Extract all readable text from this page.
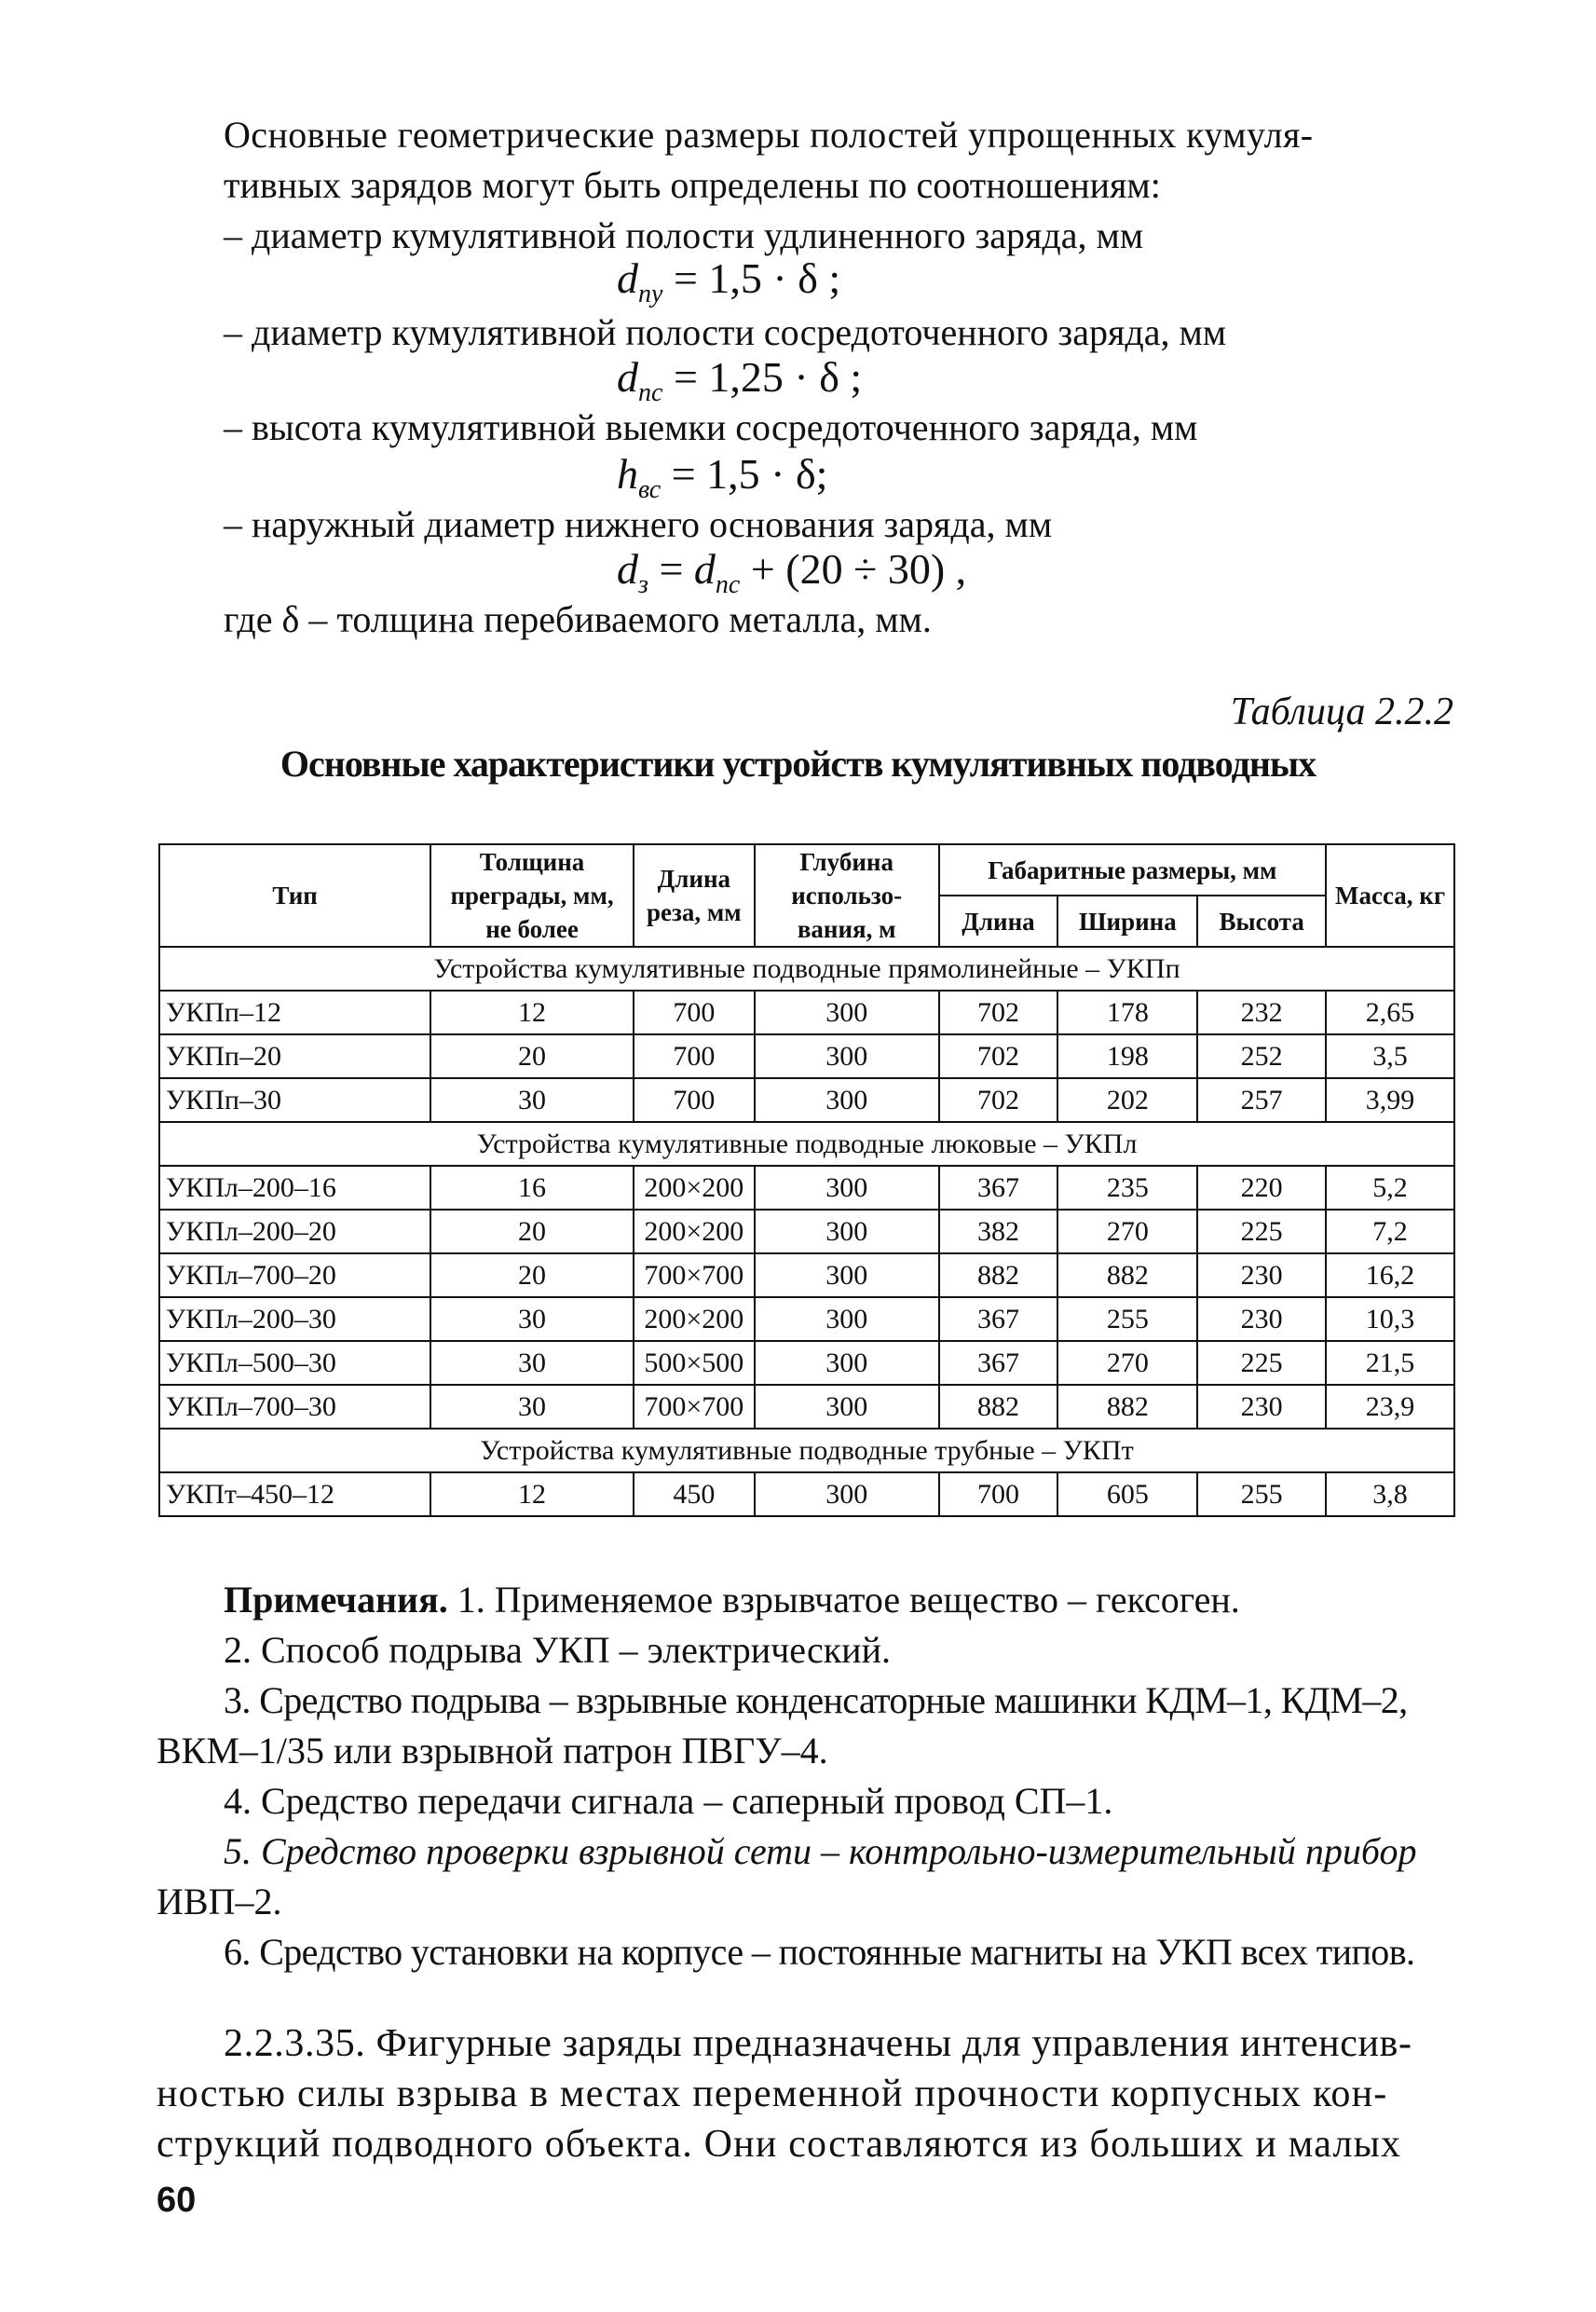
Основные геометрические размеры полостей упрощенных кумуля-
тивных зарядов могут быть определены по соотношениям:
– диаметр кумулятивной полости удлиненного заряда, мм
$d_{пу} = 1,5 \cdot \delta$ ;
– диаметр кумулятивной полости сосредоточенного заряда, мм
$d_{пс} = 1,25 \cdot \delta$ ;
– высота кумулятивной выемки сосредоточенного заряда, мм
$h_{вс} = 1,5 \cdot \delta$;
– наружный диаметр нижнего основания заряда, мм
$d_з = d_{пс} + (20 \div 30)$ ,
где δ – толщина перебиваемого металла, мм.
Таблица 2.2.2
Основные характеристики устройств кумулятивных подводных
Тип	Толщина преграды, мм, не более	Длина реза, мм	Глубина использо-вания, м	Габаритные размеры, мм			Масса, кг
				Длина	Ширина	Высота	
Устройства кумулятивные подводные прямолинейные – УКПп							
УКПп–12	12	700	300	702	178	232	2,65
УКПп–20	20	700	300	702	198	252	3,5
УКПп–30	30	700	300	702	202	257	3,99
Устройства кумулятивные подводные люковые – УКПл							
УКПл–200–16	16	200×200	300	367	235	220	5,2
УКПл–200–20	20	200×200	300	382	270	225	7,2
УКПл–700–20	20	700×700	300	882	882	230	16,2
УКПл–200–30	30	200×200	300	367	255	230	10,3
УКПл–500–30	30	500×500	300	367	270	225	21,5
УКПл–700–30	30	700×700	300	882	882	230	23,9
Устройства кумулятивные подводные трубные – УКПт							
УКПт–450–12	12	450	300	700	605	255	3,8
Примечания. 1. Применяемое взрывчатое вещество – гексоген.
2. Способ подрыва УКП – электрический.
3. Средство подрыва – взрывные конденсаторные машинки КДМ–1, КДМ–2,
ВКМ–1/35 или взрывной патрон ПВГУ–4.
4. Средство передачи сигнала – саперный провод СП–1.
5. Средство проверки взрывной сети – контрольно-измерительный прибор
ИВП–2.
6. Средство установки на корпусе – постоянные магниты на УКП всех типов.
2.2.3.35. Фигурные заряды предназначены для управления интенсив-
ностью силы взрыва в местах переменной прочности корпусных кон-
струкций подводного объекта. Они составляются из больших и малых
60
